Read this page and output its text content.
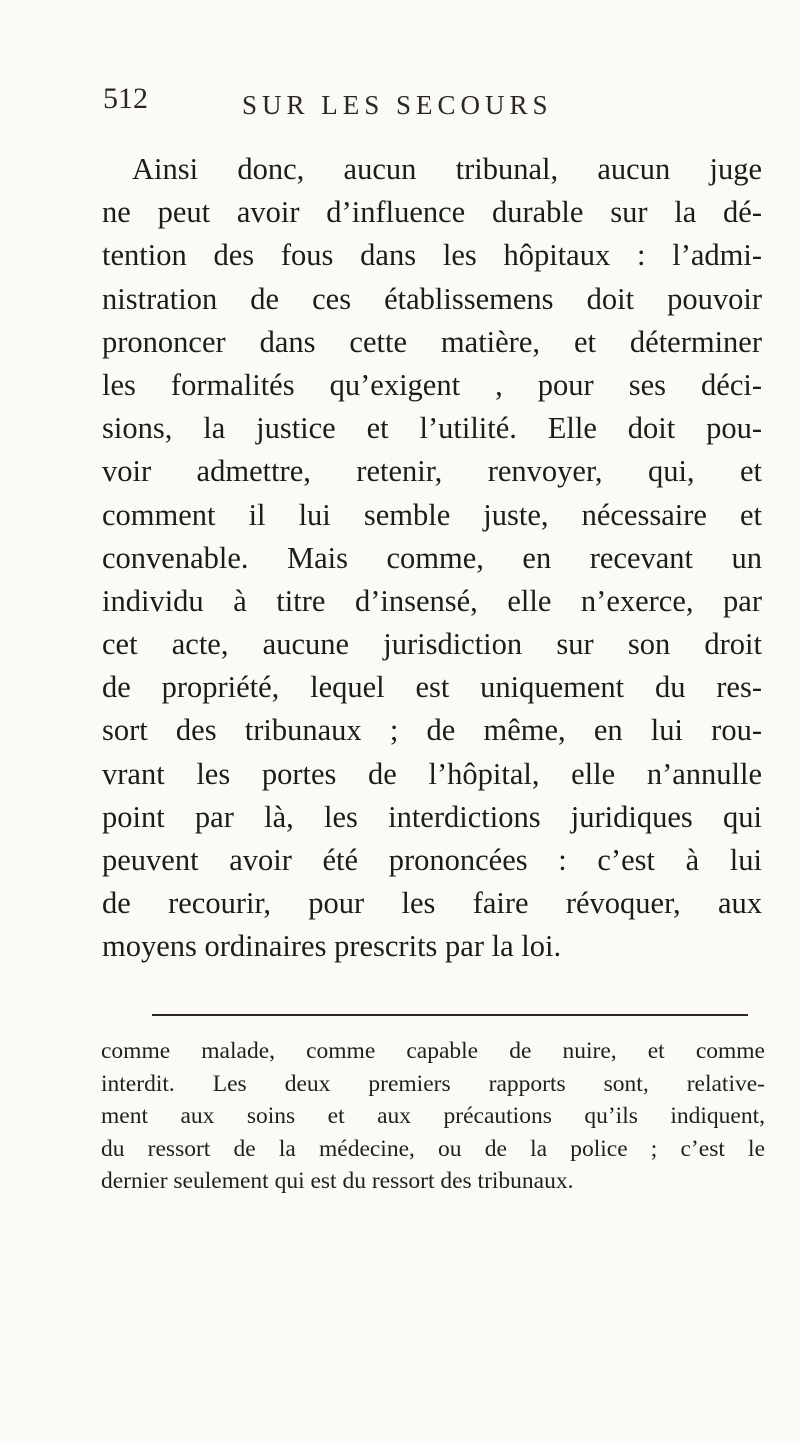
512	SUR LES SECOURS
Ainsi donc, aucun tribunal, aucun juge
ne peut avoir d’influence durable sur la dé-
tention des fous dans les hôpitaux : l’admi-
nistration de ces établissemens doit pouvoir
prononcer dans cette matière, et déterminer
les formalités qu’exigent , pour ses déci-
sions, la justice et l’utilité. Elle doit pou-
voir admettre, retenir, renvoyer, qui, et
comment il lui semble juste, nécessaire et
convenable. Mais comme, en recevant un
individu à titre d’insensé, elle n’exerce, par
cet acte, aucune jurisdiction sur son droit
de propriété, lequel est uniquement du res-
sort des tribunaux ; de même, en lui rou-
vrant les portes de l’hôpital, elle n’annulle
point par là, les interdictions juridiques qui
peuvent avoir été prononcées : c’est à lui
de recourir, pour les faire révoquer, aux
moyens ordinaires prescrits par la loi.
comme malade, comme capable de nuire, et comme
interdit. Les deux premiers rapports sont, relative-
ment aux soins et aux précautions qu’ils indiquent,
du ressort de la médecine, ou de la police ; c’est le
dernier seulement qui est du ressort des tribunaux.
